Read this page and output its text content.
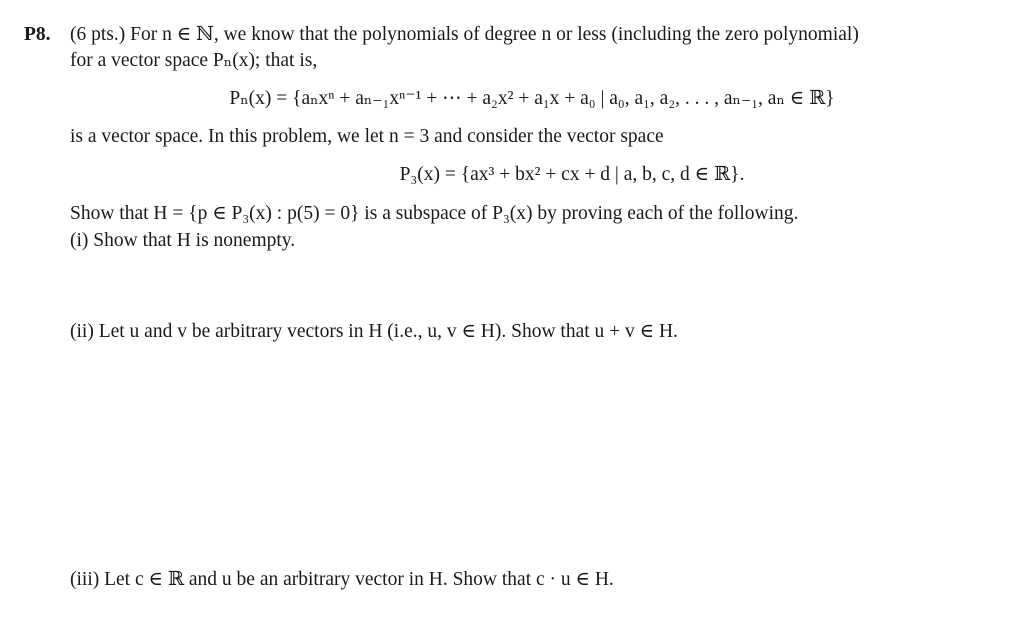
P8. (6 pts.) For n ∈ ℕ, we know that the polynomials of degree n or less (including the zero polynomial)
for a vector space Pₙ(x); that is,
Pₙ(x) = {aₙxⁿ + aₙ₋₁xⁿ⁻¹ + ⋯ + a₂x² + a₁x + a₀ | a₀, a₁, a₂, . . . , aₙ₋₁, aₙ ∈ ℝ}
is a vector space. In this problem, we let n = 3 and consider the vector space
P₃(x) = {ax³ + bx² + cx + d | a, b, c, d ∈ ℝ}.
Show that H = {p ∈ P₃(x) : p(5) = 0} is a subspace of P₃(x) by proving each of the following.
(i) Show that H is nonempty.
(ii) Let u and v be arbitrary vectors in H (i.e., u, v ∈ H). Show that u + v ∈ H.
(iii) Let c ∈ ℝ and u be an arbitrary vector in H. Show that c · u ∈ H.
